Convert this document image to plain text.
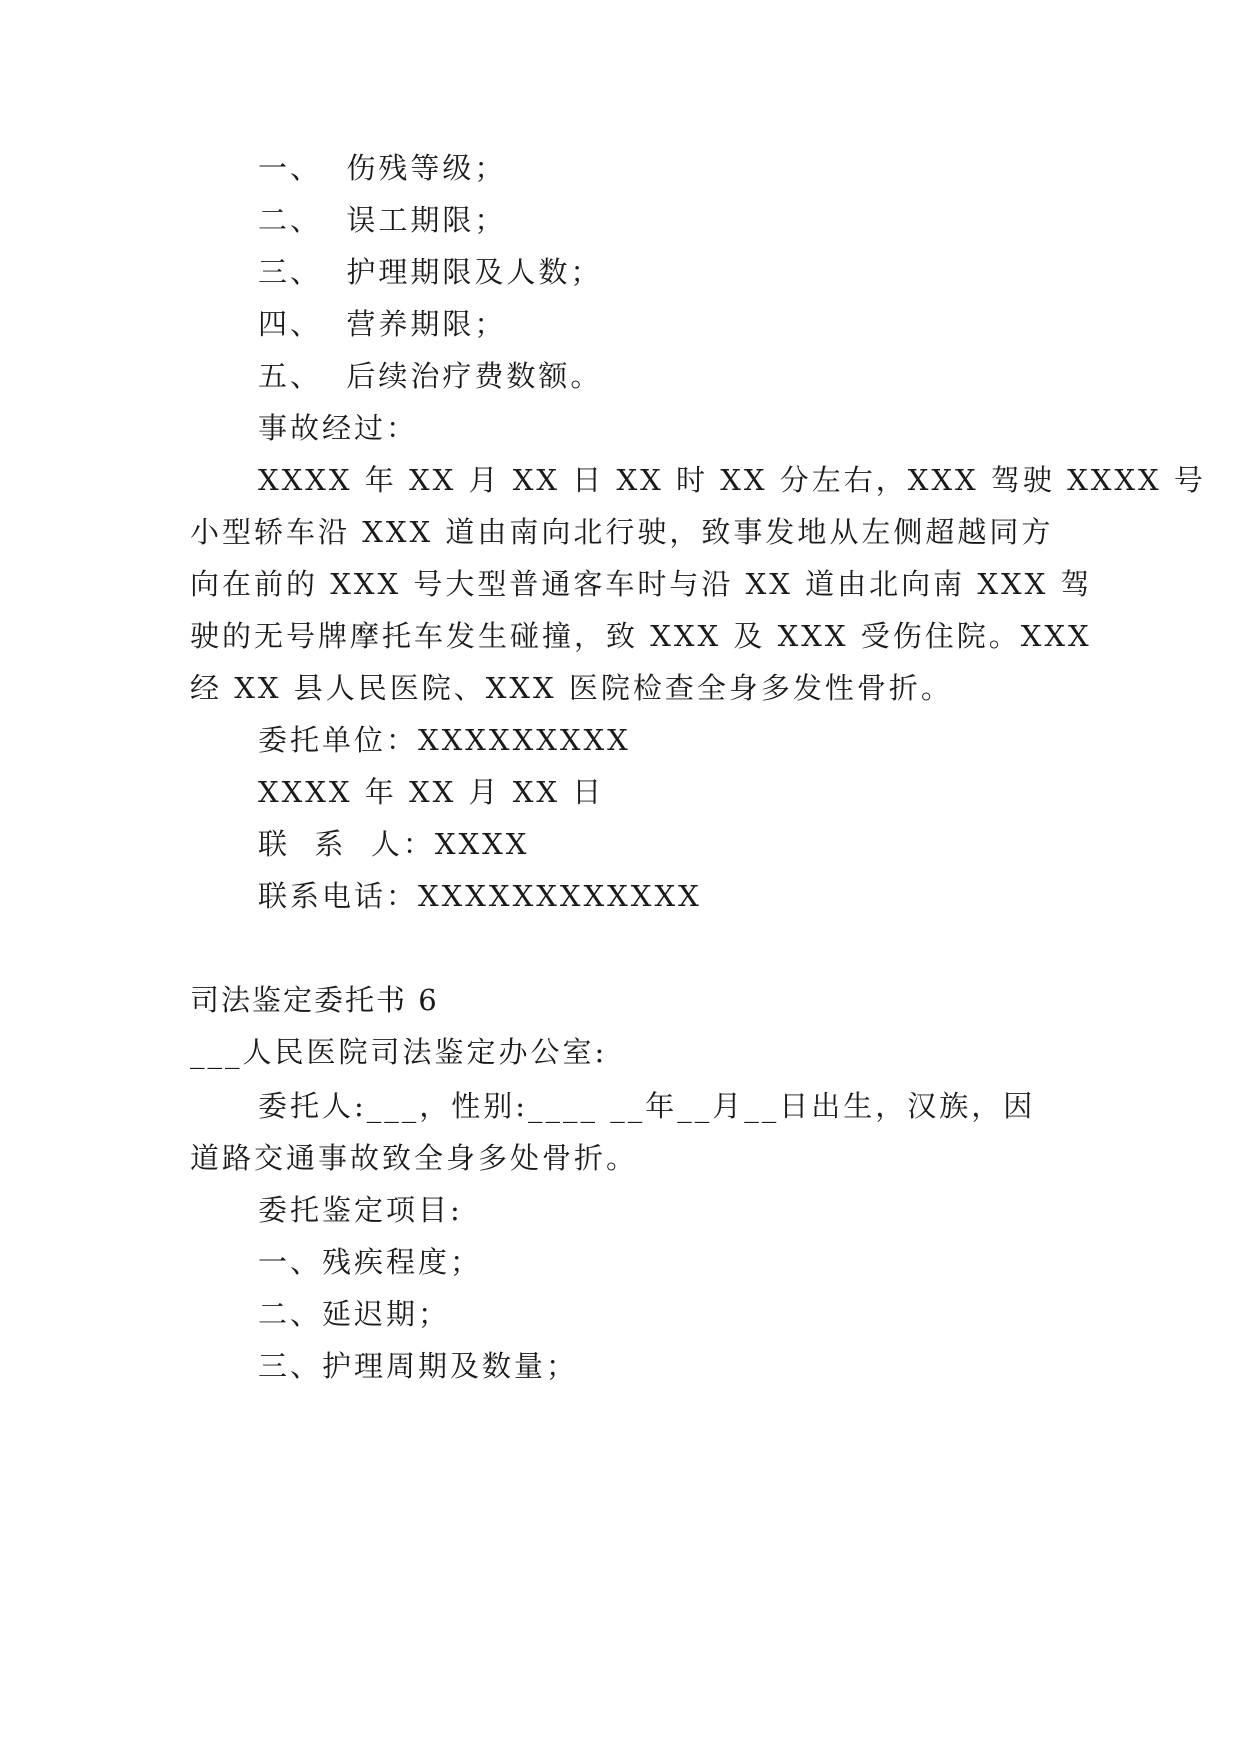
一、  伤残等级；
二、  误工期限；
三、  护理期限及人数；
四、  营养期限；
五、  后续治疗费数额。
事故经过：
XXXX 年 XX 月 XX 日 XX 时 XX 分左右，XXX 驾驶 XXXX 号
小型轿车沿 XXX 道由南向北行驶，致事发地从左侧超越同方
向在前的 XXX 号大型普通客车时与沿 XX 道由北向南 XXX 驾
驶的无号牌摩托车发生碰撞，致 XXX 及 XXX 受伤住院。XXX
经 XX 县人民医院、XXX 医院检查全身多发性骨折。
委托单位：XXXXXXXXX
XXXX 年 XX 月 XX 日
联  系  人：XXXX
联系电话：XXXXXXXXXXXX
司法鉴定委托书 6
___人民医院司法鉴定办公室:
委托人:___，性别:____ __年__月__日出生，汉族，因
道路交通事故致全身多处骨折。
委托鉴定项目:
一、残疾程度；
二、延迟期；
三、护理周期及数量；
